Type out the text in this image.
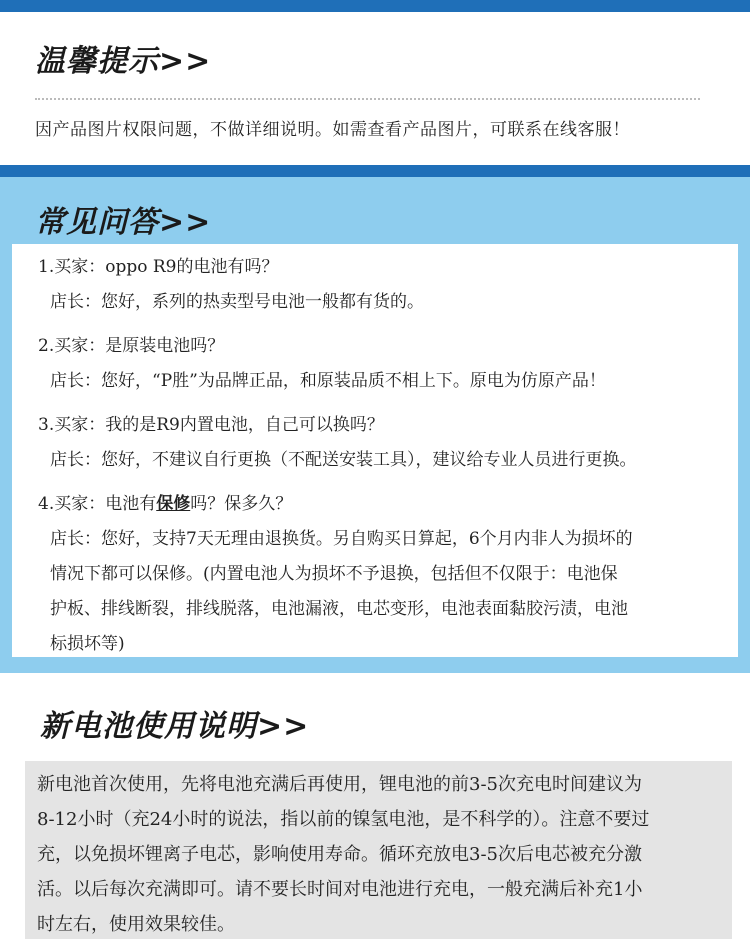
温馨提示>>
因产品图片权限问题，不做详细说明。如需查看产品图片，可联系在线客服！
常见问答>>
1.买家：oppo R9的电池有吗？
店长：您好，系列的热卖型号电池一般都有货的。
2.买家：是原装电池吗？
店长：您好，“P胜”为品牌正品，和原装品质不相上下。原电为仿原产品！
3.买家：我的是R9内置电池，自己可以换吗？
店长：您好，不建议自行更换（不配送安装工具），建议给专业人员进行更换。
4.买家：电池有保修吗？保多久？
店长：您好，支持7天无理由退换货。另自购买日算起，6个月内非人为损坏的
情况下都可以保修。(内置电池人为损坏不予退换，包括但不仅限于：电池保
护板、排线断裂，排线脱落，电池漏液，电芯变形，电池表面黏胶污渍，电池
标损坏等)
新电池使用说明>>
新电池首次使用，先将电池充满后再使用，锂电池的前3-5次充电时间建议为
8-12小时（充24小时的说法，指以前的镍氢电池，是不科学的）。注意不要过
充，以免损坏锂离子电芯，影响使用寿命。循环充放电3-5次后电芯被充分激
活。以后每次充满即可。请不要长时间对电池进行充电，一般充满后补充1小
时左右，使用效果较佳。
